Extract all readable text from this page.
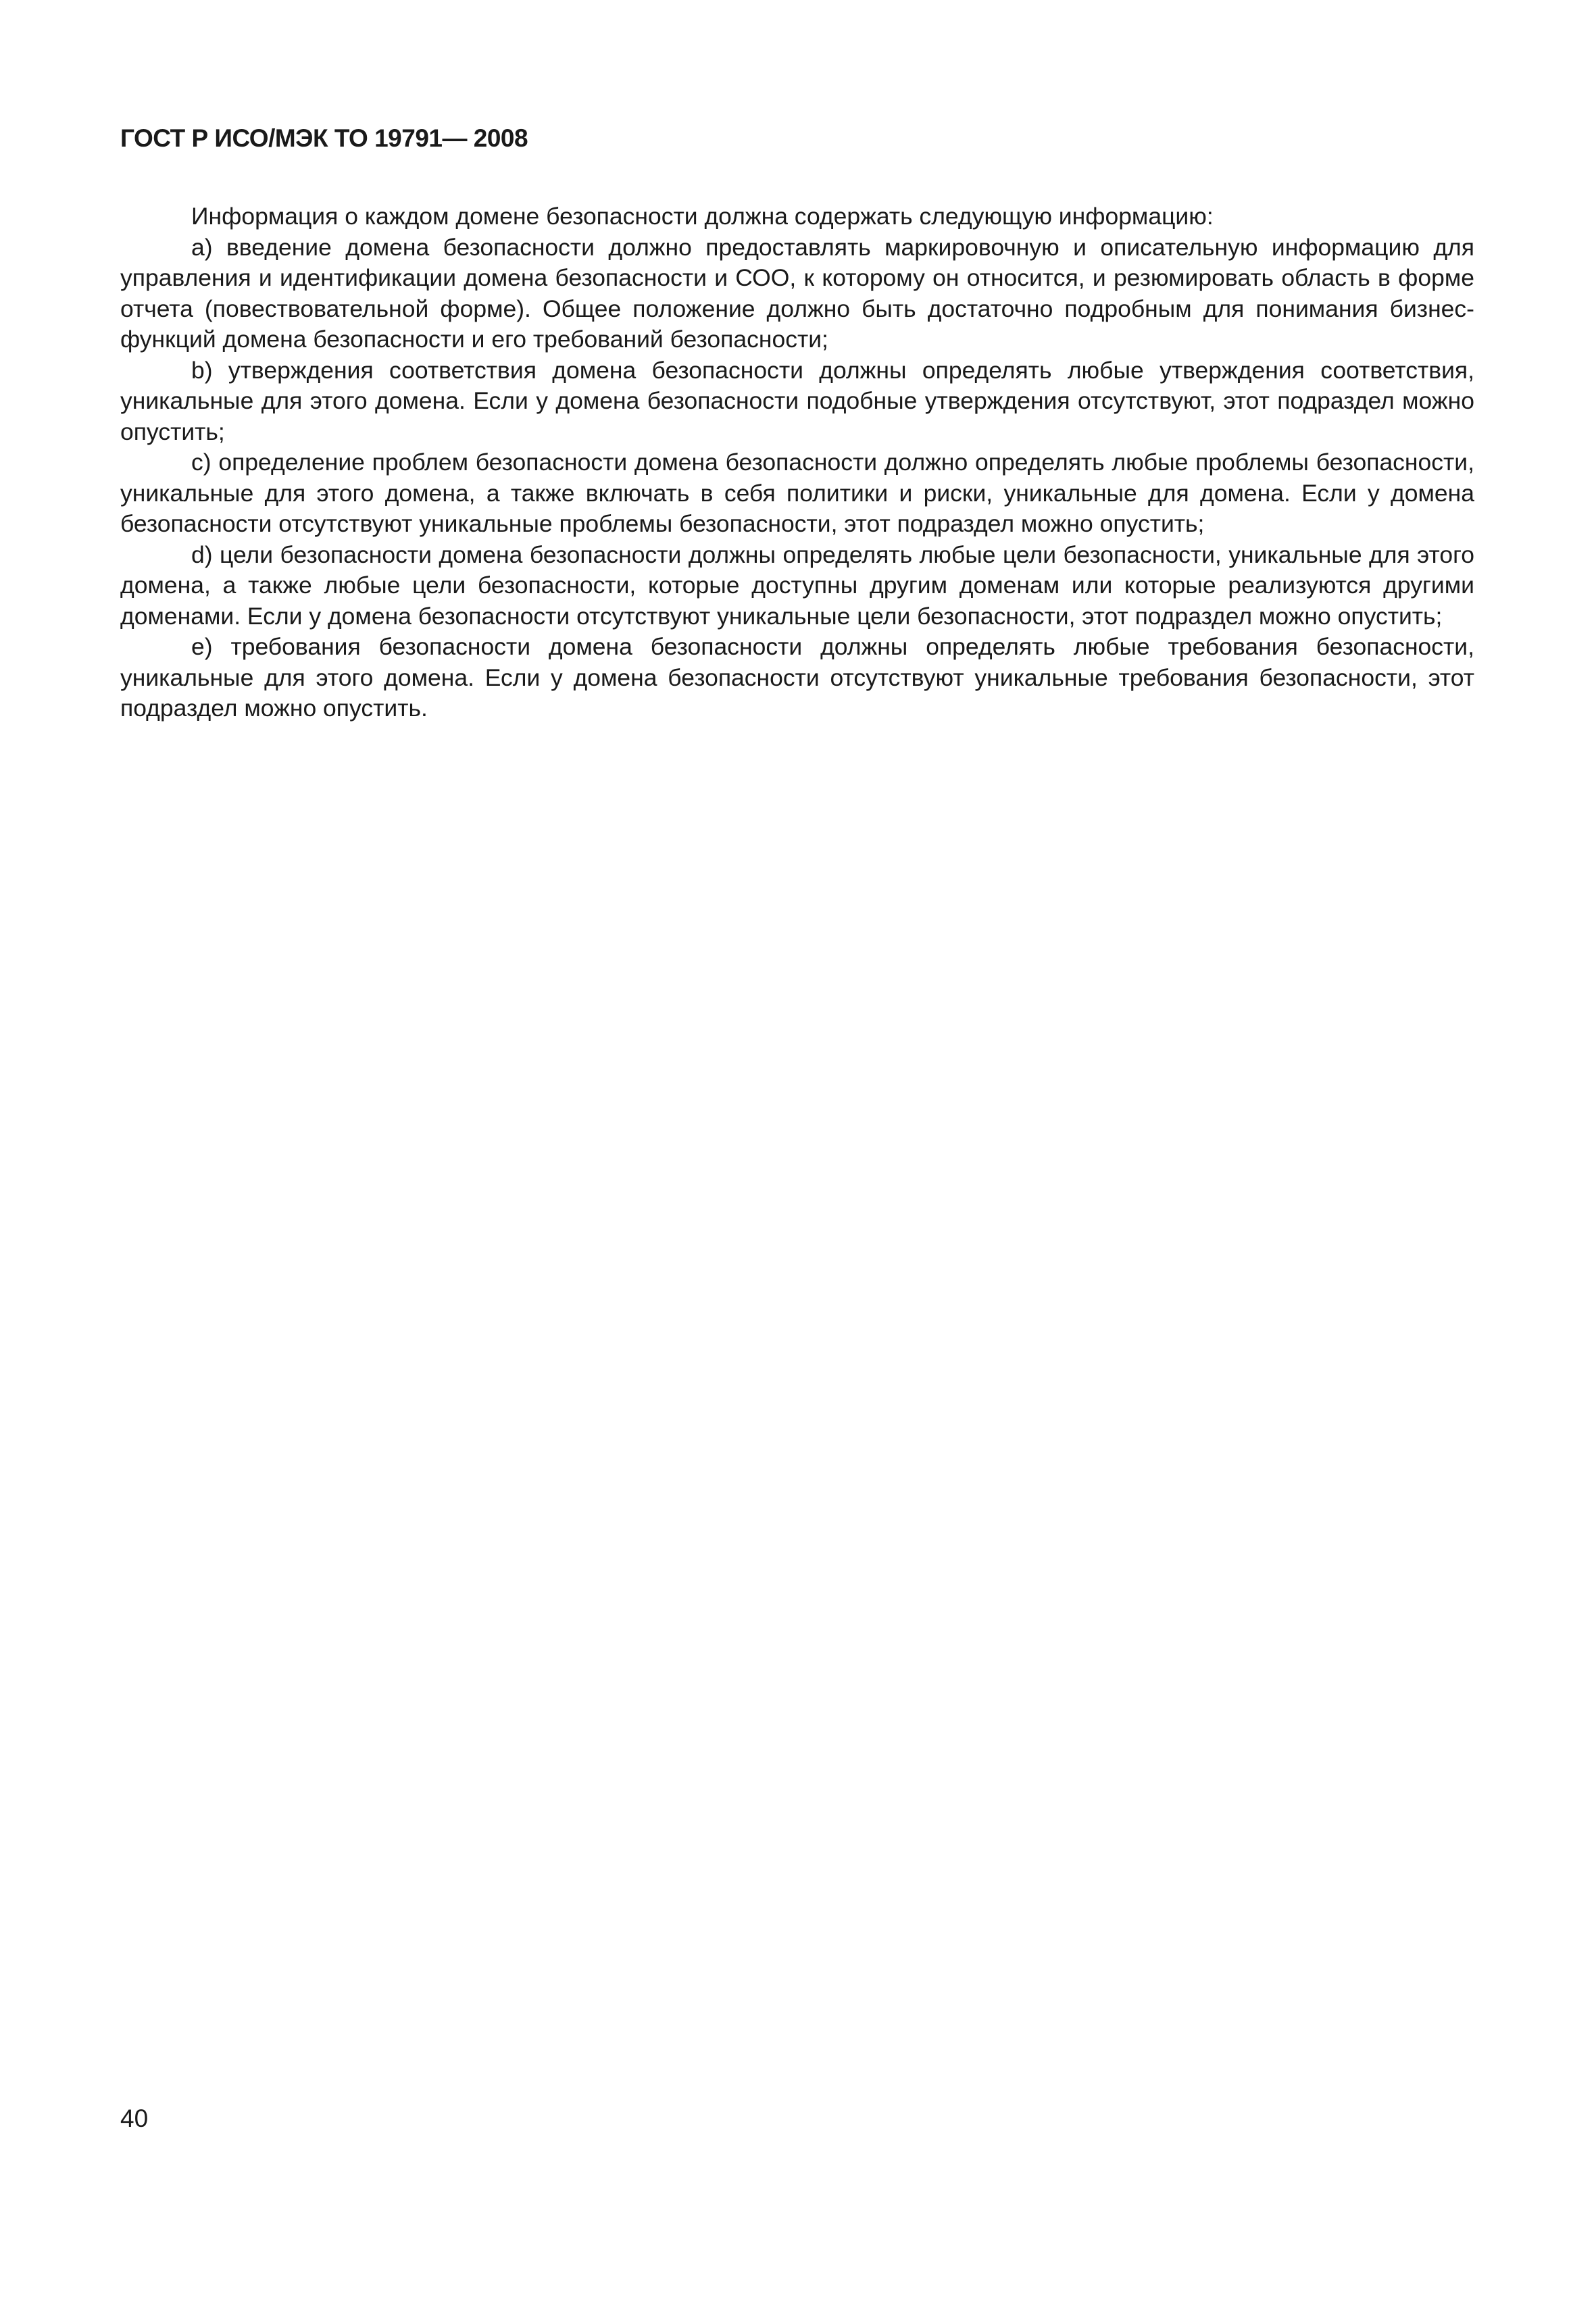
ГОСТ Р ИСО/МЭК ТО 19791— 2008

Информация о каждом домене безопасности должна содержать следующую информацию:

a) введение домена безопасности должно предоставлять маркировочную и описательную информацию для управления и идентификации домена безопасности и СОО, к которому он относится, и резюмировать область в форме отчета (повествовательной форме). Общее положение должно быть достаточно подробным для понимания бизнес-функций домена безопасности и его требований безопасности;

b) утверждения соответствия домена безопасности должны определять любые утверждения соответствия, уникальные для этого домена. Если у домена безопасности подобные утверждения отсутствуют, этот подраздел можно опустить;

c) определение проблем безопасности домена безопасности должно определять любые проблемы безопасности, уникальные для этого домена, а также включать в себя политики и риски, уникальные для домена. Если у домена безопасности отсутствуют уникальные проблемы безопасности, этот подраздел можно опустить;

d) цели безопасности домена безопасности должны определять любые цели безопасности, уникальные для этого домена, а также любые цели безопасности, которые доступны другим доменам или которые реализуются другими доменами. Если у домена безопасности отсутствуют уникальные цели безопасности, этот подраздел можно опустить;

e) требования безопасности домена безопасности должны определять любые требования безопасности, уникальные для этого домена. Если у домена безопасности отсутствуют уникальные требования безопасности, этот подраздел можно опустить.

40
